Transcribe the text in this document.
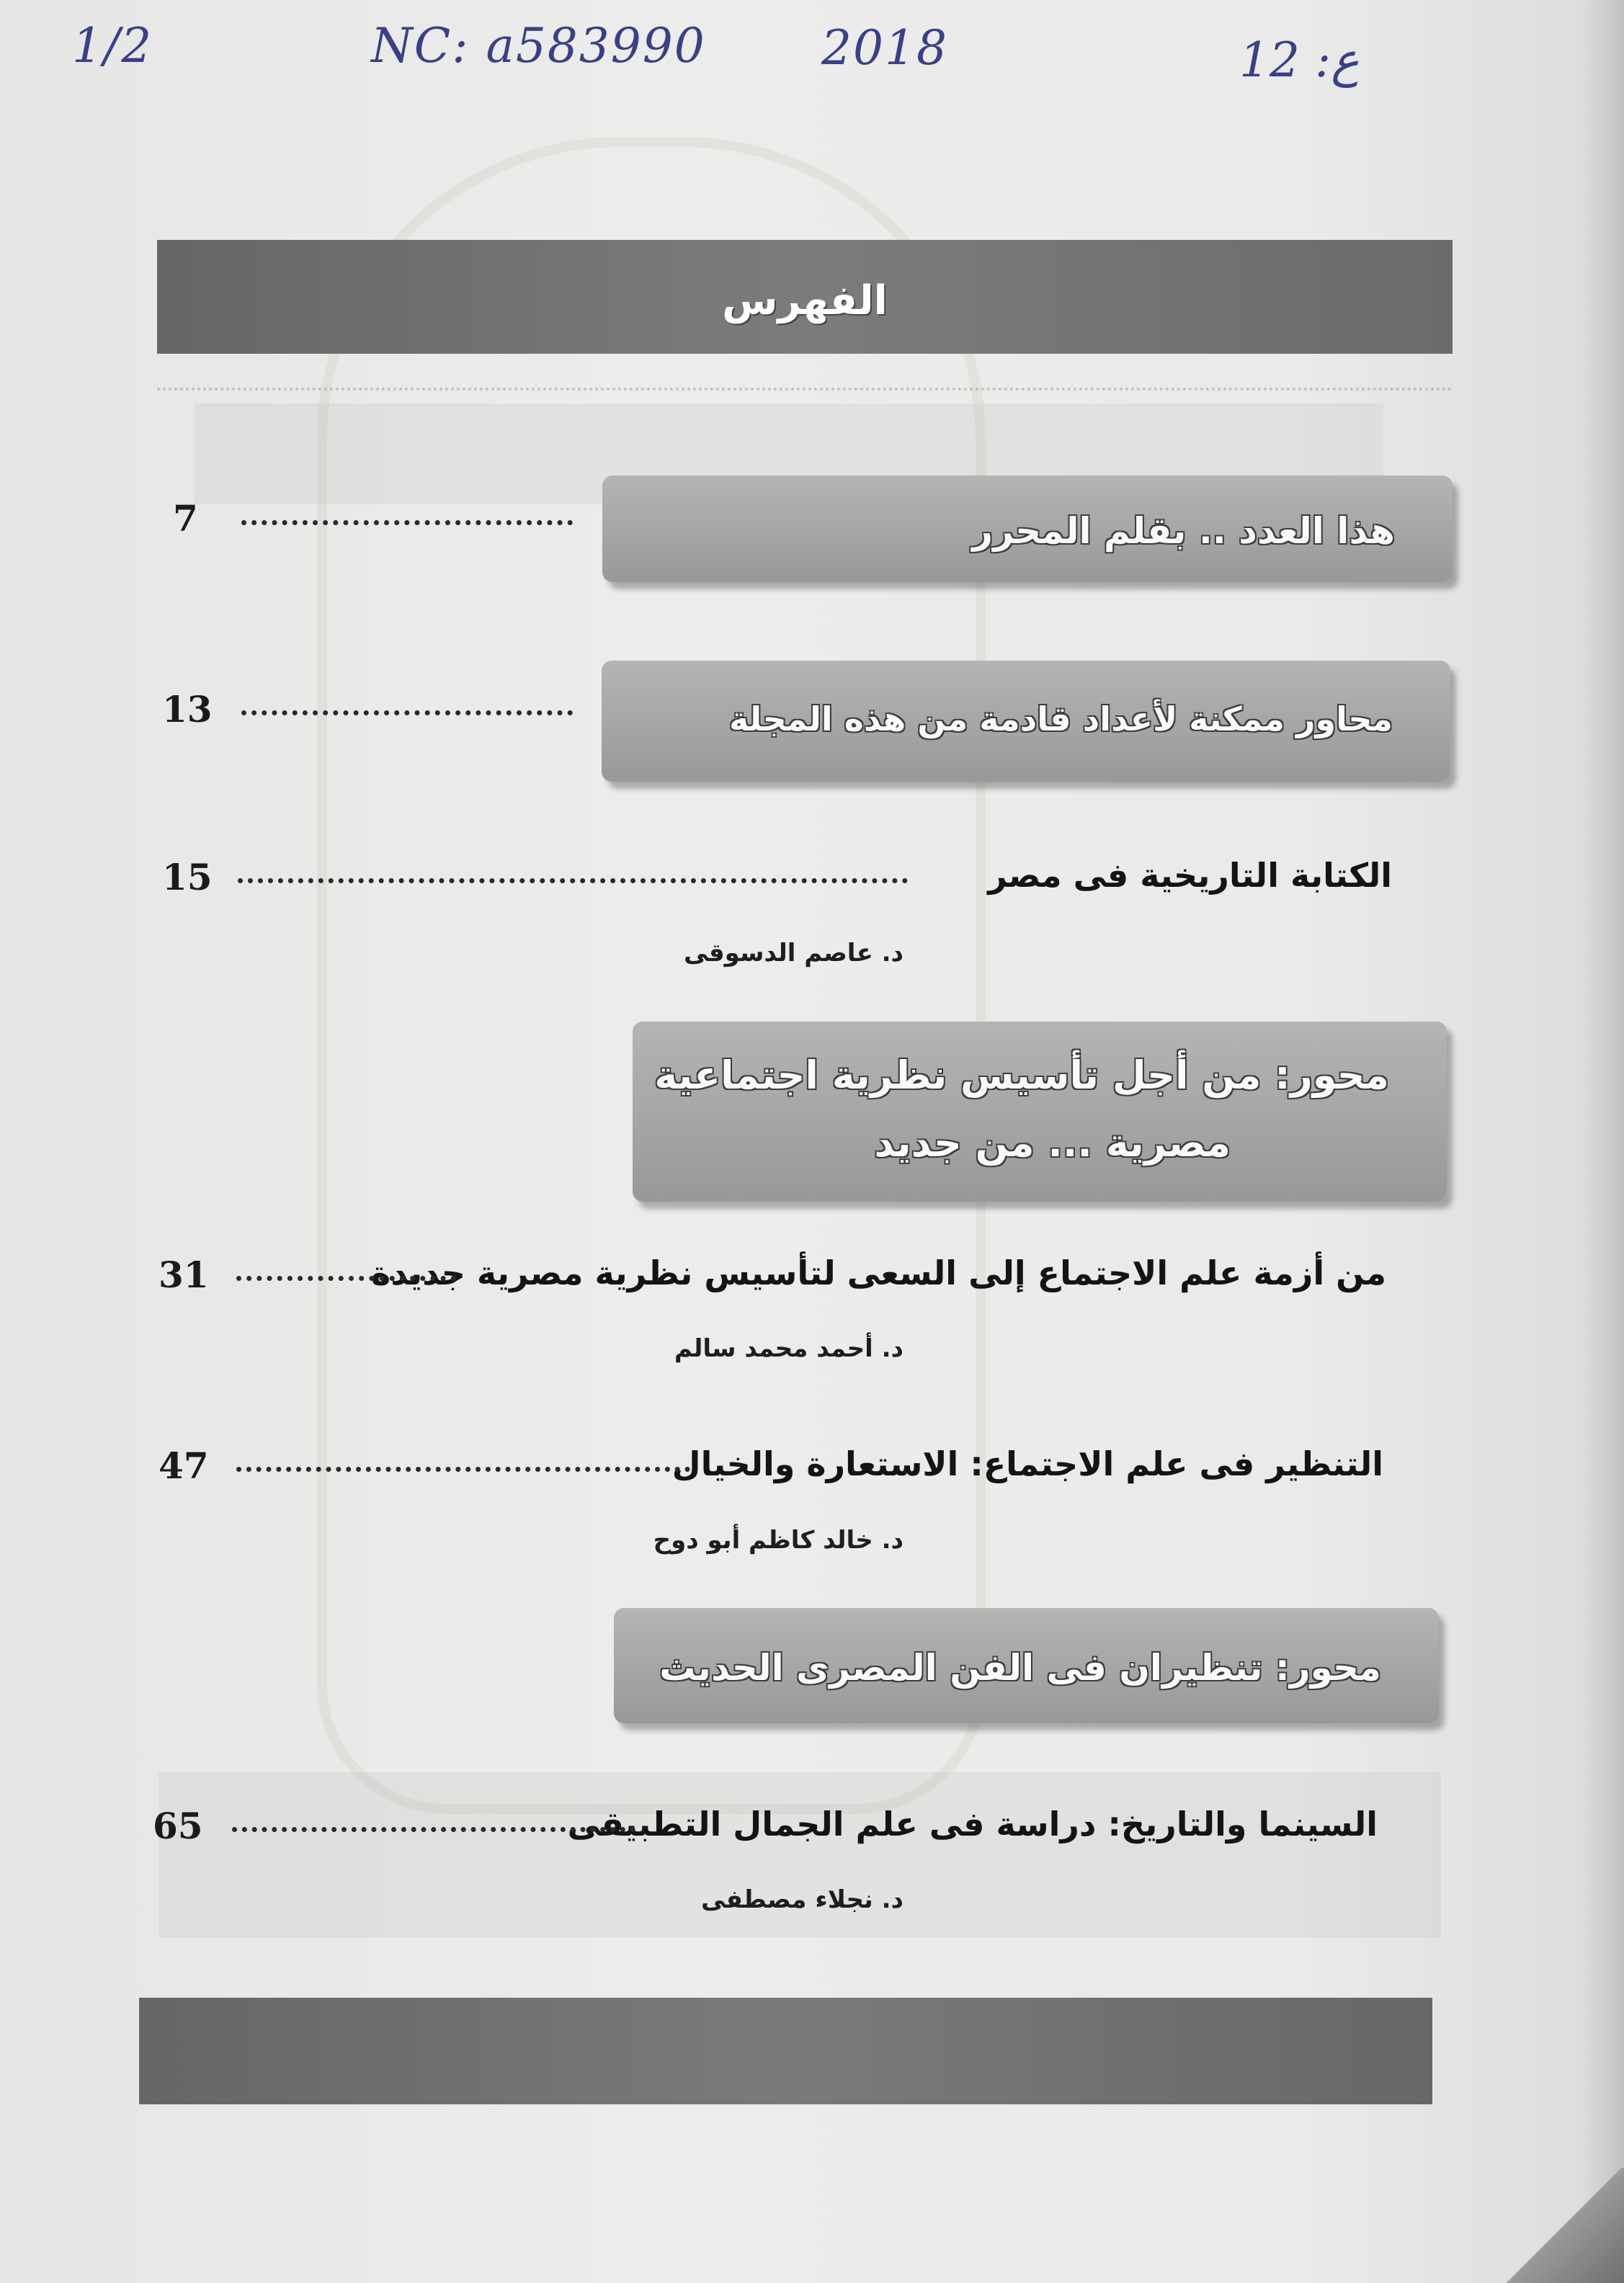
1/2	NC: a583990 2018	ع: 12
الفهرس
هذا العدد .. بقلم المحرر
7
محاور ممكنة لأعداد قادمة من هذه المجلة
13
الكتابة التاريخية فى مصر
15
د. عاصم الدسوقى
محور: من أجل تأسيس نظرية اجتماعية
مصرية ... من جديد
من أزمة علم الاجتماع إلى السعى لتأسيس نظرية مصرية جديدة
31
د. أحمد محمد سالم
التنظير فى علم الاجتماع: الاستعارة والخيال
47
د. خالد كاظم أبو دوح
محور: تنظيران فى الفن المصرى الحديث
السينما والتاريخ: دراسة فى علم الجمال التطبيقى
65
د. نجلاء مصطفى
